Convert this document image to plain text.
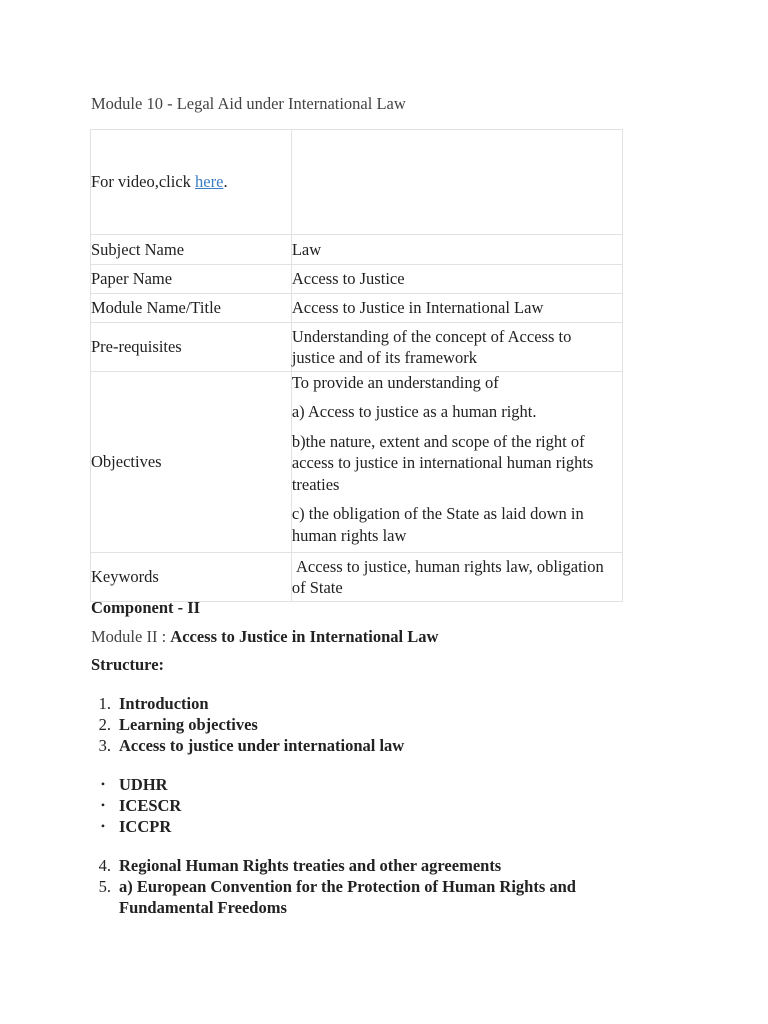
Module 10 - Legal Aid under International Law
For video,click here.	
Subject Name	Law
Paper Name	Access to Justice
Module Name/Title	Access to Justice in International Law
Pre-requisites	Understanding of the concept of Access to justice and of its framework
Objectives	To provide an understanding of

a) Access to justice as a human right.

b)the nature, extent and scope of the right of access to justice in international human rights treaties

c) the obligation of the State as laid down in human rights law

Keywords	Access to justice, human rights law, obligation of State
Component - II
Module II : Access to Justice in International Law
Structure:
1. Introduction
2. Learning objectives
3. Access to justice under international law
• UDHR
• ICESCR
• ICCPR
4. Regional Human Rights treaties and other agreements
5. a) European Convention for the Protection of Human Rights and Fundamental Freedoms
